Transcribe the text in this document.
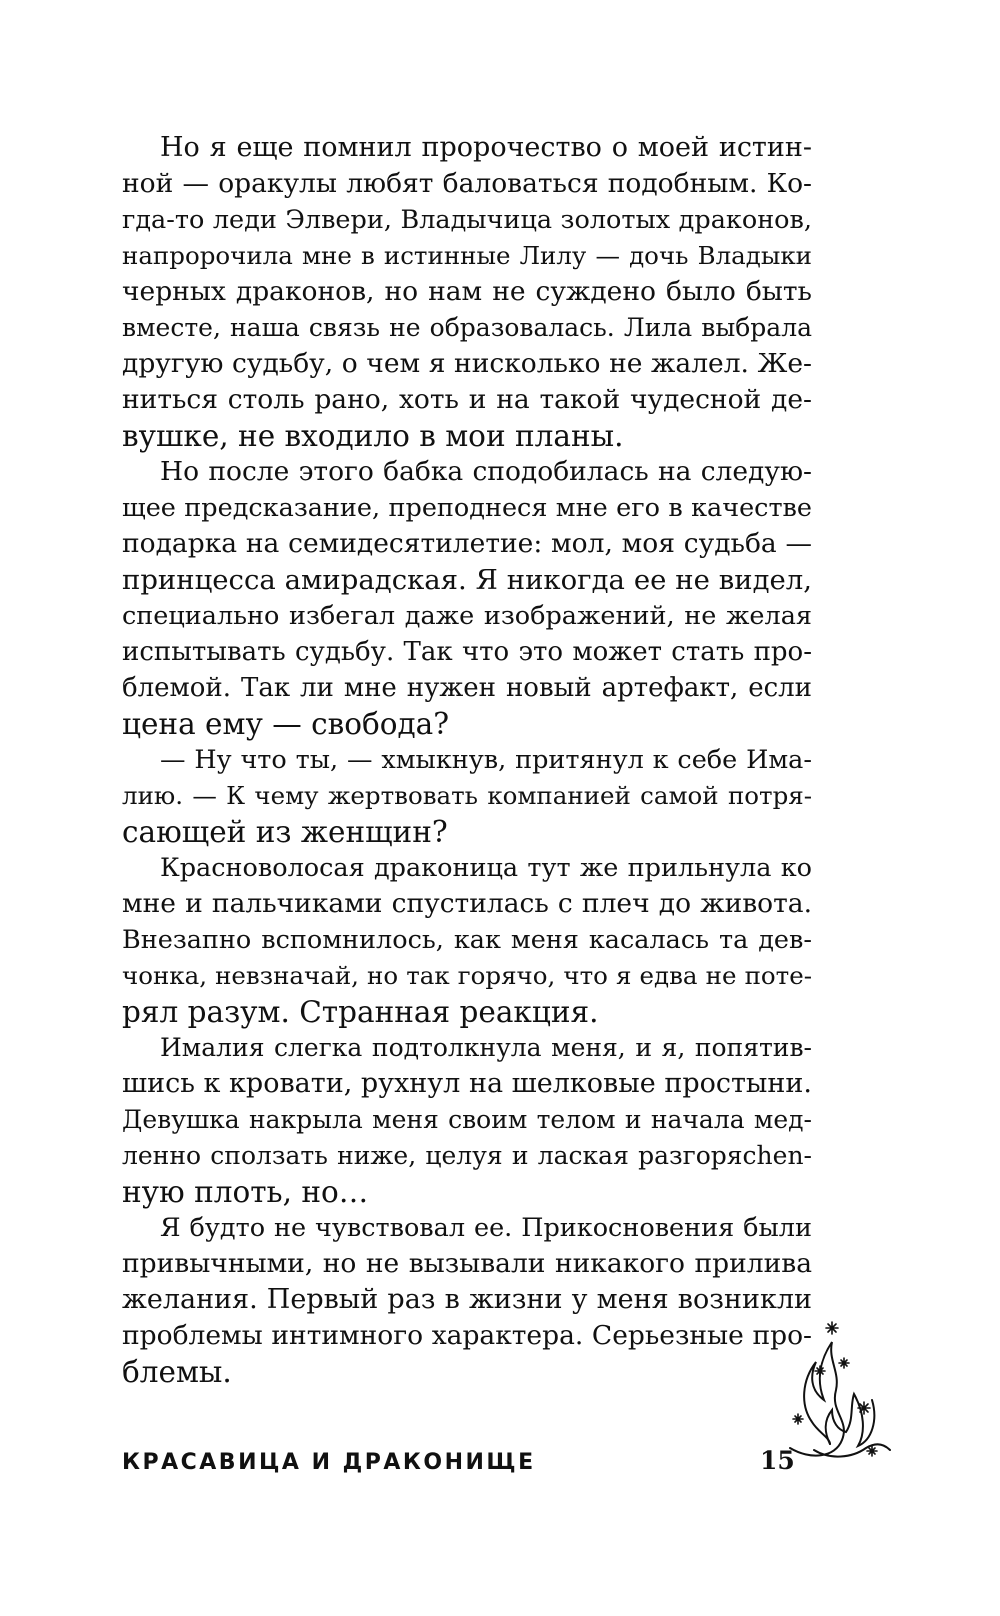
Но я еще помнил пророчество о моей истин-
ной — оракулы любят баловаться подобным. Ко-
гда-то леди Элвери, Владычица золотых драконов,
напророчила мне в истинные Лилу — дочь Владыки
черных драконов, но нам не суждено было быть
вместе, наша связь не образовалась. Лила выбрала
другую судьбу, о чем я нисколько не жалел. Же-
ниться столь рано, хоть и на такой чудесной де-
вушке, не входило в мои планы.
Но после этого бабка сподобилась на следую-
щее предсказание, преподнеся мне его в качестве
подарка на семидесятилетие: мол, моя судьба —
принцесса амирадская. Я никогда ее не видел,
специально избегал даже изображений, не желая
испытывать судьбу. Так что это может стать про-
блемой. Так ли мне нужен новый артефакт, если
цена ему — свобода?
— Ну что ты, — хмыкнув, притянул к себе Има-
лию. — К чему жертвовать компанией самой потря-
сающей из женщин?
Красноволосая драконица тут же прильнула ко
мне и пальчиками спустилась с плеч до живота.
Внезапно вспомнилось, как меня касалась та дев-
чонка, невзначай, но так горячо, что я едва не поте-
рял разум. Странная реакция.
Ималия слегка подтолкнула меня, и я, попятив-
шись к кровати, рухнул на шелковые простыни.
Девушка накрыла меня своим телом и начала мед-
ленно сползать ниже, целуя и лаская разгоряchen-
ную плоть, но…
Я будто не чувствовал ее. Прикосновения были
привычными, но не вызывали никакого прилива
желания. Первый раз в жизни у меня возникли
проблемы интимного характера. Серьезные про-
блемы.
КРАСАВИЦА И ДРАКОНИЩЕ	15
